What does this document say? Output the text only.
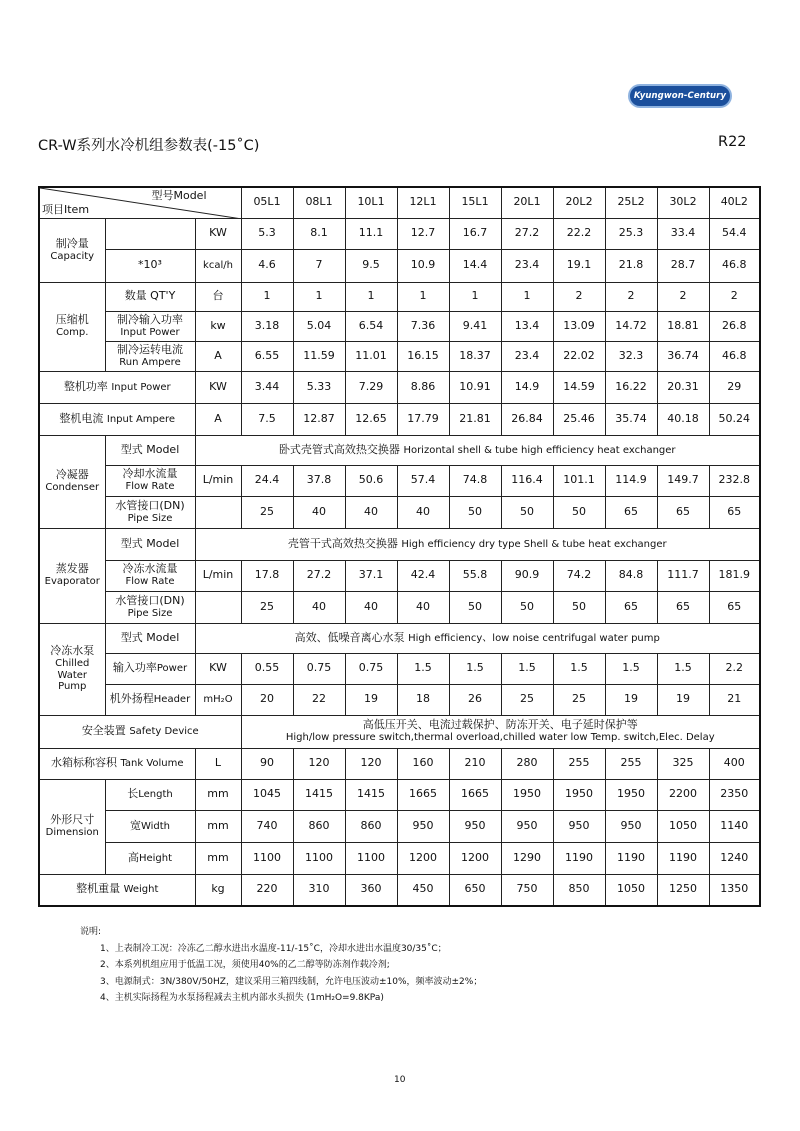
Kyungwon-Century
CR-W系列水冷机组参数表(-15˚C)	R22
型号Model
项目Item			05L1	08L1	10L1	12L1	15L1	20L1	20L2	25L2	30L2	40L2

制冷量
Capacity		KW	5.3	8.1	11.1	12.7	16.7	27.2	22.2	25.3	33.4	54.4
	*10³	kcal/h	4.6	7	9.5	10.9	14.4	23.4	19.1	21.8	28.7	46.8

压缩机
Comp.	数量 QT'Y	台	1	1	1	1	1	1	2	2	2	2

	制冷输入功率
Input Power	kw	3.18	5.04	6.54	7.36	9.41	13.4	13.09	14.72	18.81	26.8

	制冷运转电流
Run Ampere	A	6.55	11.59	11.01	16.15	18.37	23.4	22.02	32.3	36.74	46.8
整机功率 Input Power		KW	3.44	5.33	7.29	8.86	10.91	14.9	14.59	16.22	20.31	29
整机电流 Input Ampere		A	7.5	12.87	12.65	17.79	21.81	26.84	25.46	35.74	40.18	50.24

冷凝器
Condenser	型式 Model	卧式壳管式高效热交换器 Horizontal shell & tube high efficiency heat exchanger										

	冷却水流量
Flow Rate	L/min	24.4	37.8	50.6	57.4	74.8	116.4	101.1	114.9	149.7	232.8

	水管接口(DN)
Pipe Size		25	40	40	40	50	50	50	65	65	65

蒸发器
Evaporator	型式 Model	壳管干式高效热交换器 High efficiency dry type Shell & tube heat exchanger										

	冷冻水流量
Flow Rate	L/min	17.8	27.2	37.1	42.4	55.8	90.9	74.2	84.8	111.7	181.9

	水管接口(DN)
Pipe Size		25	40	40	40	50	50	50	65	65	65

冷冻水泵
Chilled Water
Pump	型式 Model	高效、低噪音离心水泵 High efficiency、low noise centrifugal water pump										
	输入功率Power	KW	0.55	0.75	0.75	1.5	1.5	1.5	1.5	1.5	1.5	2.2
	机外扬程Header	mH₂O	20	22	19	18	26	25	25	19	19	21
安全装置 Safety Device			高低压开关、电流过载保护、防冻开关、电子延时保护等
High/low pressure switch,thermal overload,chilled water low Temp. switch,Elec. Delay									

水箱标称容积 Tank Volume		L	90	120	120	160	210	280	255	255	325	400

外形尺寸
Dimension	长Length	mm	1045	1415	1415	1665	1665	1950	1950	1950	2200	2350
	宽Width	mm	740	860	860	950	950	950	950	950	1050	1140
	高Height	mm	1100	1100	1100	1200	1200	1290	1190	1190	1190	1240
整机重量 Weight		kg	220	310	360	450	650	750	850	1050	1250	1350
说明:
1、上表制冷工况：冷冻乙二醇水进出水温度-11/-15˚C，冷却水进出水温度30/35˚C；
2、本系列机组应用于低温工况，须使用40%的乙二醇等防冻剂作载冷剂;
3、电源制式：3N/380V/50HZ，建议采用三箱四线制，允许电压波动±10%，频率波动±2%；
4、主机实际扬程为水泵扬程减去主机内部水头损失 (1mH₂O=9.8KPa)
10
